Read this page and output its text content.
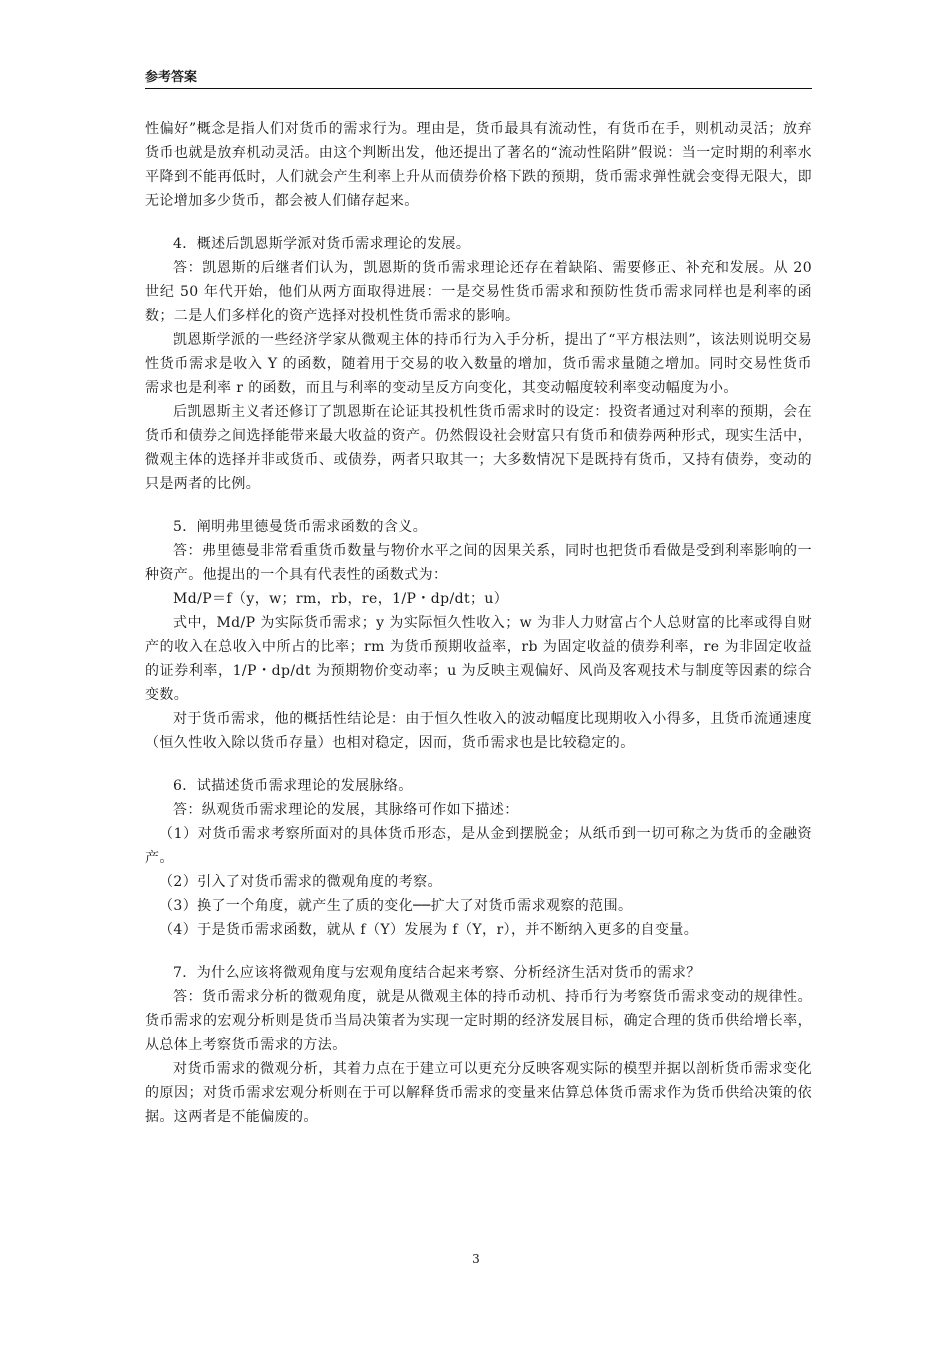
参考答案

性偏好”概念是指人们对货币的需求行为。理由是，货币最具有流动性，有货币在手，则机动灵活；放弃货币也就是放弃机动灵活。由这个判断出发，他还提出了著名的“流动性陷阱”假说：当一定时期的利率水平降到不能再低时，人们就会产生利率上升从而债券价格下跌的预期，货币需求弹性就会变得无限大，即无论增加多少货币，都会被人们储存起来。

4．概述后凯恩斯学派对货币需求理论的发展。

答：凯恩斯的后继者们认为，凯恩斯的货币需求理论还存在着缺陷、需要修正、补充和发展。从 20 世纪 50 年代开始，他们从两方面取得进展：一是交易性货币需求和预防性货币需求同样也是利率的函数；二是人们多样化的资产选择对投机性货币需求的影响。

凯恩斯学派的一些经济学家从微观主体的持币行为入手分析，提出了“平方根法则”，该法则说明交易性货币需求是收入 Y 的函数，随着用于交易的收入数量的增加，货币需求量随之增加。同时交易性货币需求也是利率 r 的函数，而且与利率的变动呈反方向变化，其变动幅度较利率变动幅度为小。

后凯恩斯主义者还修订了凯恩斯在论证其投机性货币需求时的设定：投资者通过对利率的预期，会在货币和债券之间选择能带来最大收益的资产。仍然假设社会财富只有货币和债券两种形式，现实生活中，微观主体的选择并非或货币、或债券，两者只取其一；大多数情况下是既持有货币，又持有债券，变动的只是两者的比例。

5．阐明弗里德曼货币需求函数的含义。

答：弗里德曼非常看重货币数量与物价水平之间的因果关系，同时也把货币看做是受到利率影响的一种资产。他提出的一个具有代表性的函数式为：

Md/P＝f（y，w；rm，rb，re，1/P・dp/dt；u）

式中，Md/P 为实际货币需求；y 为实际恒久性收入；w 为非人力财富占个人总财富的比率或得自财产的收入在总收入中所占的比率；rm 为货币预期收益率，rb 为固定收益的债券利率，re 为非固定收益的证券利率，1/P・dp/dt 为预期物价变动率；u 为反映主观偏好、风尚及客观技术与制度等因素的综合变数。

对于货币需求，他的概括性结论是：由于恒久性收入的波动幅度比现期收入小得多，且货币流通速度（恒久性收入除以货币存量）也相对稳定，因而，货币需求也是比较稳定的。

6．试描述货币需求理论的发展脉络。

答：纵观货币需求理论的发展，其脉络可作如下描述：

（1）对货币需求考察所面对的具体货币形态，是从金到摆脱金；从纸币到一切可称之为货币的金融资产。

（2）引入了对货币需求的微观角度的考察。

（3）换了一个角度，就产生了质的变化──扩大了对货币需求观察的范围。

（4）于是货币需求函数，就从 f（Y）发展为 f（Y，r），并不断纳入更多的自变量。

7．为什么应该将微观角度与宏观角度结合起来考察、分析经济生活对货币的需求？

答：货币需求分析的微观角度，就是从微观主体的持币动机、持币行为考察货币需求变动的规律性。货币需求的宏观分析则是货币当局决策者为实现一定时期的经济发展目标，确定合理的货币供给增长率，从总体上考察货币需求的方法。

对货币需求的微观分析，其着力点在于建立可以更充分反映客观实际的模型并据以剖析货币需求变化的原因；对货币需求宏观分析则在于可以解释货币需求的变量来估算总体货币需求作为货币供给决策的依据。这两者是不能偏废的。

3
